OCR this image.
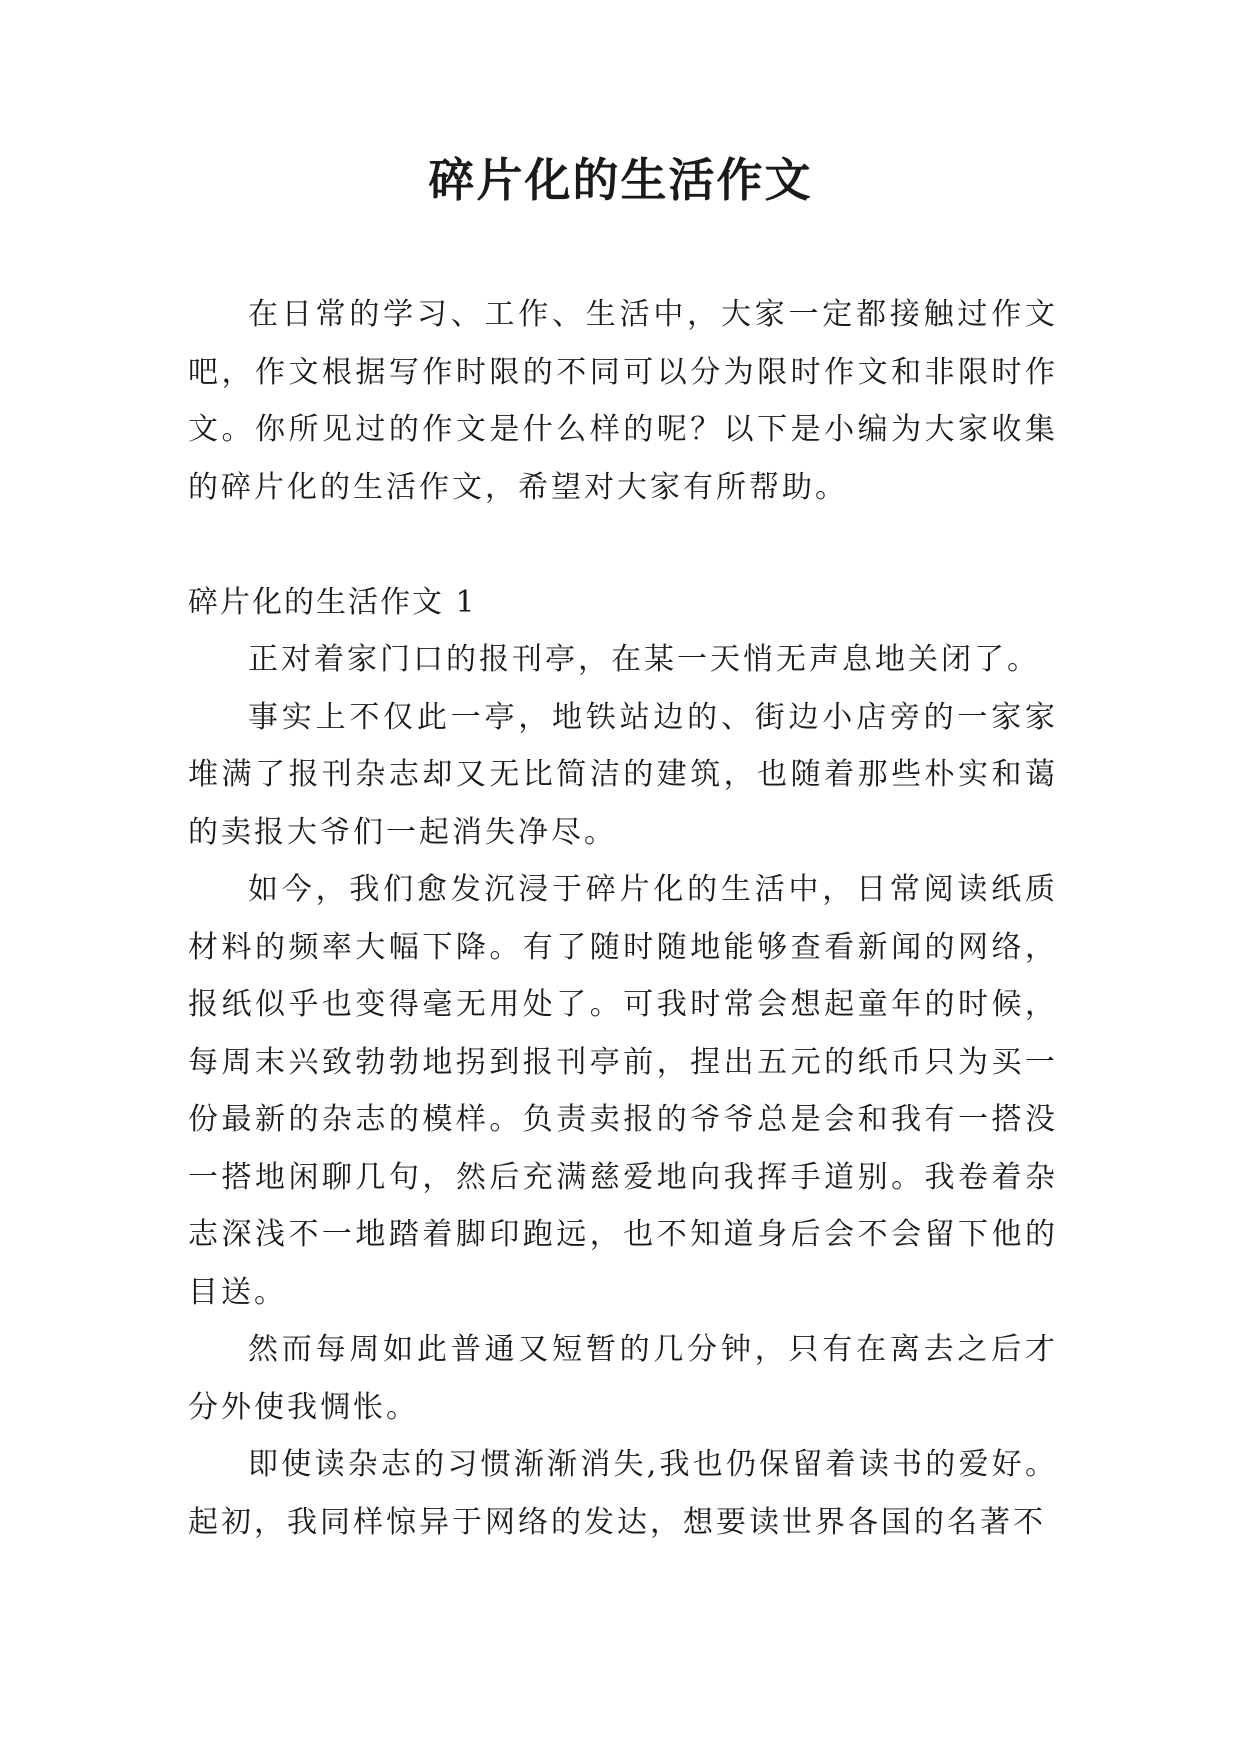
碎片化的生活作文

在日常的学习、工作、生活中，大家一定都接触过作文吧，作文根据写作时限的不同可以分为限时作文和非限时作文。你所见过的作文是什么样的呢？以下是小编为大家收集的碎片化的生活作文，希望对大家有所帮助。

碎片化的生活作文 1

正对着家门口的报刊亭，在某一天悄无声息地关闭了。

事实上不仅此一亭，地铁站边的、街边小店旁的一家家堆满了报刊杂志却又无比简洁的建筑，也随着那些朴实和蔼的卖报大爷们一起消失净尽。

如今，我们愈发沉浸于碎片化的生活中，日常阅读纸质材料的频率大幅下降。有了随时随地能够查看新闻的网络，报纸似乎也变得毫无用处了。可我时常会想起童年的时候，每周末兴致勃勃地拐到报刊亭前，捏出五元的纸币只为买一份最新的杂志的模样。负责卖报的爷爷总是会和我有一搭没一搭地闲聊几句，然后充满慈爱地向我挥手道别。我卷着杂志深浅不一地踏着脚印跑远，也不知道身后会不会留下他的目送。

然而每周如此普通又短暂的几分钟，只有在离去之后才分外使我惆怅。

即使读杂志的习惯渐渐消失,我也仍保留着读书的爱好。起初，我同样惊异于网络的发达，想要读世界各国的名著不
